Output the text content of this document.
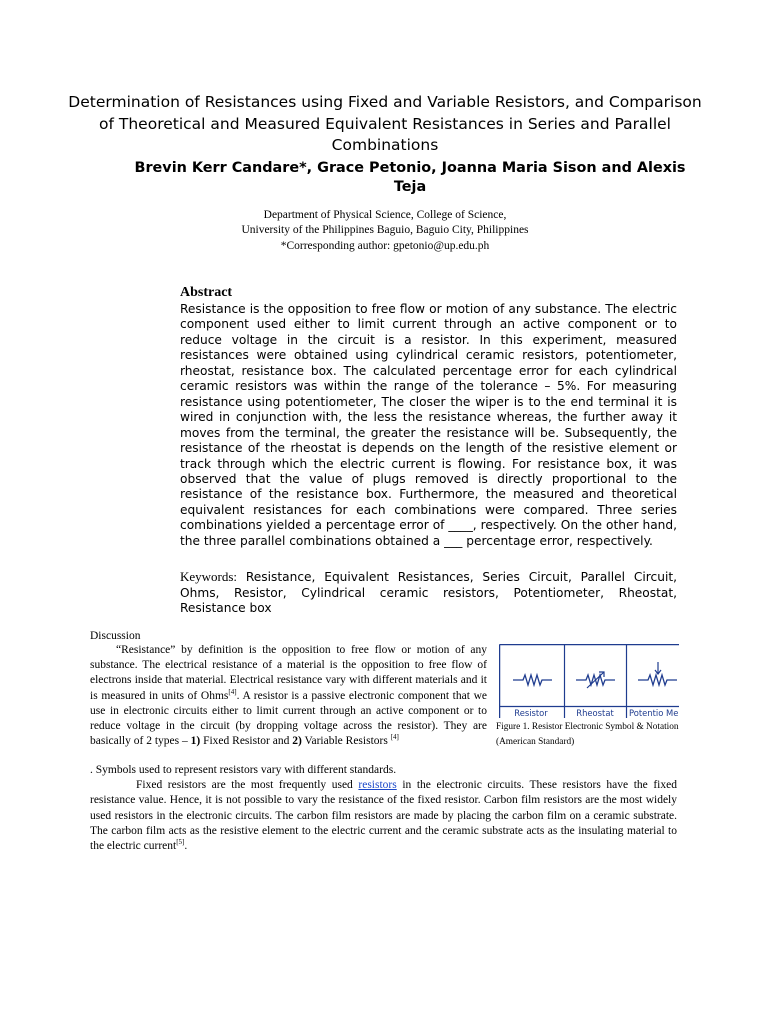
Determination of Resistances using Fixed and Variable Resistors, and Comparison of Theoretical and Measured Equivalent Resistances in Series and Parallel Combinations
Brevin Kerr Candare*, Grace Petonio, Joanna Maria Sison and Alexis Teja
Department of Physical Science, College of Science,
University of the Philippines Baguio, Baguio City, Philippines
*Corresponding author: gpetonio@up.edu.ph
Abstract
Resistance is the opposition to free flow or motion of any substance. The electric component used either to limit current through an active component or to reduce voltage in the circuit is a resistor. In this experiment, measured resistances were obtained using cylindrical ceramic resistors, potentiometer, rheostat, resistance box. The calculated percentage error for each cylindrical ceramic resistors was within the range of the tolerance – 5%. For measuring resistance using potentiometer, The closer the wiper is to the end terminal it is wired in conjunction with, the less the resistance whereas, the further away it moves from the terminal, the greater the resistance will be. Subsequently, the resistance of the rheostat is depends on the length of the resistive element or track through which the electric current is flowing. For resistance box, it was observed that the value of plugs removed is directly proportional to the resistance of the resistance box. Furthermore, the measured and theoretical equivalent resistances for each combinations were compared. Three series combinations yielded a percentage error of ____, respectively. On the other hand, the three parallel combinations obtained a ___ percentage error, respectively.
Keywords: Resistance, Equivalent Resistances, Series Circuit, Parallel Circuit, Ohms, Resistor, Cylindrical ceramic resistors, Potentiometer, Rheostat, Resistance box
Discussion

“Resistance” by definition is the opposition to free flow or motion of any substance. The electrical resistance of a material is the opposition to free flow of electrons inside that material. Electrical resistance vary with different materials and it is measured in units of Ohms[4]. A resistor is a passive electronic component that we use in electronic circuits either to limit current through an active component or to reduce voltage in the circuit (by dropping voltage across the resistor). They are basically of 2 types – 1) Fixed Resistor and 2) Variable Resistors [4]

. Symbols used to represent resistors vary with different standards.

Fixed resistors are the most frequently used resistors in the electronic circuits. These resistors have the fixed resistance value. Hence, it is not possible to vary the resistance of the fixed resistor. Carbon film resistors are the most widely used resistors in the electronic circuits. The carbon film resistors are made by placing the carbon film on a ceramic substrate. The carbon film acts as the resistive element to the electric current and the ceramic substrate acts as the insulating material to the electric current[5].

Resistor	Rheostat Potentio Me
Figure 1. Resistor Electronic Symbol & Notation (American Standard)
